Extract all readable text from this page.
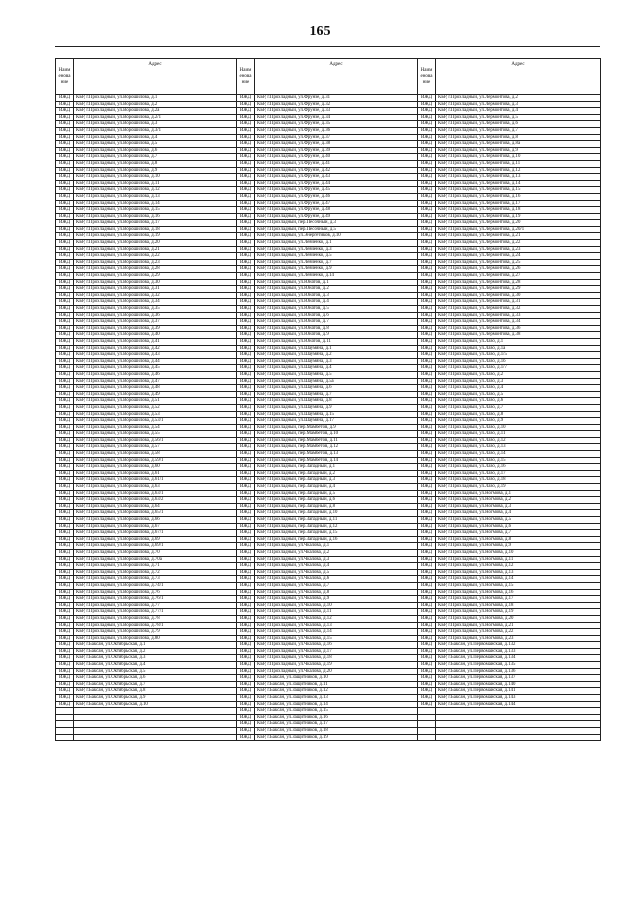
165
Наим енова ние	Адрес	Наим енова ние	Адрес	Наим енова ние	Адрес
ИЖД	КБР, г.Прохладный, ул.Ворошилова, д.1	ИЖД	КБР, г.Прохладный, ул.Фрунзе, д.31	ИЖД	КБР, г.Прохладный, ул.Лермонтова, д.2
ИЖД	КБР, г.Прохладный, ул.Ворошилова, д.2	ИЖД	КБР, г.Прохладный, ул.Фрунзе, д.32	ИЖД	КБР, г.Прохладный, ул.Лермонтова, д.3
ИЖД	КБР, г.Прохладный, ул.Ворошилова, д.2а	ИЖД	КБР, г.Прохладный, ул.Фрунзе, д.33	ИЖД	КБР, г.Прохладный, ул.Лермонтова, д.4
ИЖД	КБР, г.Прохладный, ул.Ворошилова, д.2/1	ИЖД	КБР, г.Прохладный, ул.Фрунзе, д.34	ИЖД	КБР, г.Прохладный, ул.Лермонтова, д.5
ИЖД	КБР, г.Прохладный, ул.Ворошилова, д.3	ИЖД	КБР, г.Прохладный, ул.Фрунзе, д.35	ИЖД	КБР, г.Прохладный, ул.Лермонтова, д.6
ИЖД	КБР, г.Прохладный, ул.Ворошилова, д.3/1	ИЖД	КБР, г.Прохладный, ул.Фрунзе, д.36	ИЖД	КБР, г.Прохладный, ул.Лермонтова, д.7
ИЖД	КБР, г.Прохладный, ул.Ворошилова, д.4	ИЖД	КБР, г.Прохладный, ул.Фрунзе, д.37	ИЖД	КБР, г.Прохладный, ул.Лермонтова, д.8
ИЖД	КБР, г.Прохладный, ул.Ворошилова, д.5	ИЖД	КБР, г.Прохладный, ул.Фрунзе, д.38	ИЖД	КБР, г.Прохладный, ул.Лермонтова, д.8а
ИЖД	КБР, г.Прохладный, ул.Ворошилова, д.6	ИЖД	КБР, г.Прохладный, ул.Фрунзе, д.39	ИЖД	КБР, г.Прохладный, ул.Лермонтова, д.9
ИЖД	КБР, г.Прохладный, ул.Ворошилова, д.7	ИЖД	КБР, г.Прохладный, ул.Фрунзе, д.40	ИЖД	КБР, г.Прохладный, ул.Лермонтова, д.10
ИЖД	КБР, г.Прохладный, ул.Ворошилова, д.8	ИЖД	КБР, г.Прохладный, ул.Фрунзе, д.41	ИЖД	КБР, г.Прохладный, ул.Лермонтова, д.11
ИЖД	КБР, г.Прохладный, ул.Ворошилова, д.9	ИЖД	КБР, г.Прохладный, ул.Фрунзе, д.42	ИЖД	КБР, г.Прохладный, ул.Лермонтова, д.12
ИЖД	КБР, г.Прохладный, ул.Ворошилова, д.10	ИЖД	КБР, г.Прохладный, ул.Фрунзе, д.43	ИЖД	КБР, г.Прохладный, ул.Лермонтова, д.13
ИЖД	КБР, г.Прохладный, ул.Ворошилова, д.11	ИЖД	КБР, г.Прохладный, ул.Фрунзе, д.44	ИЖД	КБР, г.Прохладный, ул.Лермонтова, д.14
ИЖД	КБР, г.Прохладный, ул.Ворошилова, д.12	ИЖД	КБР, г.Прохладный, ул.Фрунзе, д.45	ИЖД	КБР, г.Прохладный, ул.Лермонтова, д.15
ИЖД	КБР, г.Прохладный, ул.Ворошилова, д.13	ИЖД	КБР, г.Прохладный, ул.Фрунзе, д.46	ИЖД	КБР, г.Прохладный, ул.Лермонтова, д.16
ИЖД	КБР, г.Прохладный, ул.Ворошилова, д.14	ИЖД	КБР, г.Прохладный, ул.Фрунзе, д.47	ИЖД	КБР, г.Прохладный, ул.Лермонтова, д.17
ИЖД	КБР, г.Прохладный, ул.Ворошилова, д.15	ИЖД	КБР, г.Прохладный, ул.Фрунзе, д.48	ИЖД	КБР, г.Прохладный, ул.Лермонтова, д.18
ИЖД	КБР, г.Прохладный, ул.Ворошилова, д.16	ИЖД	КБР, г.Прохладный, ул.Фрунзе, д.49	ИЖД	КБР, г.Прохладный, ул.Лермонтова, д.19
ИЖД	КБР, г.Прохладный, ул.Ворошилова, д.17	ИЖД	КБР, г.Прохладный, пер.Песочный, д.3	ИЖД	КБР, г.Прохладный, ул.Лермонтова, д.20
ИЖД	КБР, г.Прохладный, ул.Ворошилова, д.18	ИЖД	КБР, г.Прохладный, пер.Песочный, д.5	ИЖД	КБР, г.Прохладный, ул.Лермонтова, д.20/1
ИЖД	КБР, г.Прохладный, ул.Ворошилова, д.19	ИЖД	КБР, г.Прохладный, ул.Энергетиков, д.10	ИЖД	КБР, г.Прохладный, ул.Лермонтова, д.21
ИЖД	КБР, г.Прохладный, ул.Ворошилова, д.20	ИЖД	КБР, г.Прохладный, ул.Левченко, д.1	ИЖД	КБР, г.Прохладный, ул.Лермонтова, д.22
ИЖД	КБР, г.Прохладный, ул.Ворошилова, д.21	ИЖД	КБР, г.Прохладный, ул.Левченко, д.3	ИЖД	КБР, г.Прохладный, ул.Лермонтова, д.23
ИЖД	КБР, г.Прохладный, ул.Ворошилова, д.22	ИЖД	КБР, г.Прохладный, ул.Левченко, д.5	ИЖД	КБР, г.Прохладный, ул.Лермонтова, д.24
ИЖД	КБР, г.Прохладный, ул.Ворошилова, д.23	ИЖД	КБР, г.Прохладный, ул.Левченко, д.7	ИЖД	КБР, г.Прохладный, ул.Лермонтова, д.25
ИЖД	КБР, г.Прохладный, ул.Ворошилова, д.28	ИЖД	КБР, г.Прохладный, ул.Левченко, д.9	ИЖД	КБР, г.Прохладный, ул.Лермонтова, д.26
ИЖД	КБР, г.Прохладный, ул.Ворошилова, д.29	ИЖД	КБР, г.Прохладный, ул.Левченко, д.14	ИЖД	КБР, г.Прохладный, ул.Лермонтова, д.27
ИЖД	КБР, г.Прохладный, ул.Ворошилова, д.30	ИЖД	КБР, г.Прохладный, ул.Юнатов, д.1	ИЖД	КБР, г.Прохладный, ул.Лермонтова, д.28
ИЖД	КБР, г.Прохладный, ул.Ворошилова, д.31	ИЖД	КБР, г.Прохладный, ул.Юнатов, д.2	ИЖД	КБР, г.Прохладный, ул.Лермонтова, д.29
ИЖД	КБР, г.Прохладный, ул.Ворошилова, д.32	ИЖД	КБР, г.Прохладный, ул.Юнатов, д.3	ИЖД	КБР, г.Прохладный, ул.Лермонтова, д.30
ИЖД	КБР, г.Прохладный, ул.Ворошилова, д.34	ИЖД	КБР, г.Прохладный, ул.Юнатов, д.4	ИЖД	КБР, г.Прохладный, ул.Лермонтова, д.31
ИЖД	КБР, г.Прохладный, ул.Ворошилова, д.35	ИЖД	КБР, г.Прохладный, ул.Юнатов, д.5	ИЖД	КБР, г.Прохладный, ул.Лермонтова, д.32
ИЖД	КБР, г.Прохладный, ул.Ворошилова, д.36	ИЖД	КБР, г.Прохладный, ул.Юнатов, д.6	ИЖД	КБР, г.Прохладный, ул.Лермонтова, д.33
ИЖД	КБР, г.Прохладный, ул.Ворошилова, д.37	ИЖД	КБР, г.Прохладный, ул.Юнатов, д.7	ИЖД	КБР, г.Прохладный, ул.Лермонтова, д.34
ИЖД	КБР, г.Прохладный, ул.Ворошилова, д.39	ИЖД	КБР, г.Прохладный, ул.Юнатов, д.8	ИЖД	КБР, г.Прохладный, ул.Лермонтова, д.36
ИЖД	КБР, г.Прохладный, ул.Ворошилова, д.40	ИЖД	КБР, г.Прохладный, ул.Юнатов, д.9	ИЖД	КБР, г.Прохладный, ул.Лермонтова, д.38
ИЖД	КБР, г.Прохладный, ул.Ворошилова, д.41	ИЖД	КБР, г.Прохладный, ул.Юнатов, д.11	ИЖД	КБР, г.Прохладный, ул.Лазо, д.1
ИЖД	КБР, г.Прохладный, ул.Ворошилова, д.42	ИЖД	КБР, г.Прохладный, ул.Шаумяна, д.1	ИЖД	КБР, г.Прохладный, ул.Лазо, д.1а
ИЖД	КБР, г.Прохладный, ул.Ворошилова, д.43	ИЖД	КБР, г.Прохладный, ул.Шаумяна, д.2	ИЖД	КБР, г.Прохладный, ул.Лазо, д.1/5
ИЖД	КБР, г.Прохладный, ул.Ворошилова, д.44	ИЖД	КБР, г.Прохладный, ул.Шаумяна, д.3	ИЖД	КБР, г.Прохладный, ул.Лазо, д.1б
ИЖД	КБР, г.Прохладный, ул.Ворошилова, д.45	ИЖД	КБР, г.Прохладный, ул.Шаумяна, д.4	ИЖД	КБР, г.Прохладный, ул.Лазо, д.1/7
ИЖД	КБР, г.Прохладный, ул.Ворошилова, д.46	ИЖД	КБР, г.Прохладный, ул.Шаумяна, д.5	ИЖД	КБР, г.Прохладный, ул.Лазо, д.2
ИЖД	КБР, г.Прохладный, ул.Ворошилова, д.47	ИЖД	КБР, г.Прохладный, ул.Шаумяна, д.5а	ИЖД	КБР, г.Прохладный, ул.Лазо, д.3
ИЖД	КБР, г.Прохладный, ул.Ворошилова, д.48	ИЖД	КБР, г.Прохладный, ул.Шаумяна, д.6	ИЖД	КБР, г.Прохладный, ул.Лазо, д.4
ИЖД	КБР, г.Прохладный, ул.Ворошилова, д.49	ИЖД	КБР, г.Прохладный, ул.Шаумяна, д.7	ИЖД	КБР, г.Прохладный, ул.Лазо, д.5
ИЖД	КБР, г.Прохладный, ул.Ворошилова, д.51	ИЖД	КБР, г.Прохладный, ул.Шаумяна, д.8	ИЖД	КБР, г.Прохладный, ул.Лазо, д.6
ИЖД	КБР, г.Прохладный, ул.Ворошилова, д.52	ИЖД	КБР, г.Прохладный, ул.Шаумяна, д.9	ИЖД	КБР, г.Прохладный, ул.Лазо, д.7
ИЖД	КБР, г.Прохладный, ул.Ворошилова, д.53	ИЖД	КБР, г.Прохладный, ул.Шаумяна, д.15	ИЖД	КБР, г.Прохладный, ул.Лазо, д.8
ИЖД	КБР, г.Прохладный, ул.Ворошилова, д.53/1	ИЖД	КБР, г.Прохладный, ул.Шаумяна, д.17	ИЖД	КБР, г.Прохладный, ул.Лазо, д.9
ИЖД	КБР, г.Прохладный, ул.Ворошилова, д.54	ИЖД	КБР, г.Прохладный, пер.Мамбетов, д.9	ИЖД	КБР, г.Прохладный, ул.Лазо, д.10
ИЖД	КБР, г.Прохладный, ул.Ворошилова, д.55	ИЖД	КБР, г.Прохладный, пер.Мамбетов, д.10	ИЖД	КБР, г.Прохладный, ул.Лазо, д.11
ИЖД	КБР, г.Прохладный, ул.Ворошилова, д.56/1	ИЖД	КБР, г.Прохладный, пер.Мамбетов, д.11	ИЖД	КБР, г.Прохладный, ул.Лазо, д.12
ИЖД	КБР, г.Прохладный, ул.Ворошилова, д.57	ИЖД	КБР, г.Прохладный, пер.Мамбетов, д.12	ИЖД	КБР, г.Прохладный, ул.Лазо, д.13
ИЖД	КБР, г.Прохладный, ул.Ворошилова, д.58	ИЖД	КБР, г.Прохладный, пер.Мамбетов, д.13	ИЖД	КБР, г.Прохладный, ул.Лазо, д.14
ИЖД	КБР, г.Прохладный, ул.Ворошилова, д.59/1	ИЖД	КБР, г.Прохладный, пер.Мамбетов, д.14	ИЖД	КБР, г.Прохладный, ул.Лазо, д.15
ИЖД	КБР, г.Прохладный, ул.Ворошилова, д.60	ИЖД	КБР, г.Прохладный, пер.Западный, д.1	ИЖД	КБР, г.Прохладный, ул.Лазо, д.16
ИЖД	КБР, г.Прохладный, ул.Ворошилова, д.61	ИЖД	КБР, г.Прохладный, пер.Западный, д.2	ИЖД	КБР, г.Прохладный, ул.Лазо, д.17
ИЖД	КБР, г.Прохладный, ул.Ворошилова, д.61/1	ИЖД	КБР, г.Прохладный, пер.Западный, д.3	ИЖД	КБР, г.Прохладный, ул.Лазо, д.18
ИЖД	КБР, г.Прохладный, ул.Ворошилова, д.63	ИЖД	КБР, г.Прохладный, пер.Западный, д.4	ИЖД	КБР, г.Прохладный, ул.Лазо, д.19
ИЖД	КБР, г.Прохладный, ул.Ворошилова, д.63/1	ИЖД	КБР, г.Прохладный, пер.Западный, д.5	ИЖД	КБР, г.Прохладный, ул.Ногмова, д.1
ИЖД	КБР, г.Прохладный, ул.Ворошилова, д.63/2	ИЖД	КБР, г.Прохладный, пер.Западный, д.6	ИЖД	КБР, г.Прохладный, ул.Ногмова, д.2
ИЖД	КБР, г.Прохладный, ул.Ворошилова, д.64	ИЖД	КБР, г.Прохладный, пер.Западный, д.8	ИЖД	КБР, г.Прохладный, ул.Ногмова, д.3
ИЖД	КБР, г.Прохладный, ул.Ворошилова, д.65/1	ИЖД	КБР, г.Прохладный, пер.Западный, д.10	ИЖД	КБР, г.Прохладный, ул.Ногмова, д.4
ИЖД	КБР, г.Прохладный, ул.Ворошилова, д.66	ИЖД	КБР, г.Прохладный, пер.Западный, д.11	ИЖД	КБР, г.Прохладный, ул.Ногмова, д.5
ИЖД	КБР, г.Прохладный, ул.Ворошилова, д.67	ИЖД	КБР, г.Прохладный, пер.Западный, д.12	ИЖД	КБР, г.Прохладный, ул.Ногмова, д.6
ИЖД	КБР, г.Прохладный, ул.Ворошилова, д.67/1	ИЖД	КБР, г.Прохладный, пер.Западный, д.15	ИЖД	КБР, г.Прохладный, ул.Ногмова, д.7
ИЖД	КБР, г.Прохладный, ул.Ворошилова, д.69	ИЖД	КБР, г.Прохладный, пер.Западный, д.16	ИЖД	КБР, г.Прохладный, ул.Ногмова, д.8
ИЖД	КБР, г.Прохладный, ул.Ворошилова, д.69/1	ИЖД	КБР, г.Прохладный, ул.Чкалова, д.1	ИЖД	КБР, г.Прохладный, ул.Ногмова, д.9
ИЖД	КБР, г.Прохладный, ул.Ворошилова, д.70	ИЖД	КБР, г.Прохладный, ул.Чкалова, д.2	ИЖД	КБР, г.Прохладный, ул.Ногмова, д.10
ИЖД	КБР, г.Прохладный, ул.Ворошилова, д.70а	ИЖД	КБР, г.Прохладный, ул.Чкалова, д.3	ИЖД	КБР, г.Прохладный, ул.Ногмова, д.11
ИЖД	КБР, г.Прохладный, ул.Ворошилова, д.71	ИЖД	КБР, г.Прохладный, ул.Чкалова, д.4	ИЖД	КБР, г.Прохладный, ул.Ногмова, д.12
ИЖД	КБР, г.Прохладный, ул.Ворошилова, д.72	ИЖД	КБР, г.Прохладный, ул.Чкалова, д.5	ИЖД	КБР, г.Прохладный, ул.Ногмова, д.13
ИЖД	КБР, г.Прохладный, ул.Ворошилова, д.73	ИЖД	КБР, г.Прохладный, ул.Чкалова, д.6	ИЖД	КБР, г.Прохладный, ул.Ногмова, д.14
ИЖД	КБР, г.Прохладный, ул.Ворошилова, д.74/1	ИЖД	КБР, г.Прохладный, ул.Чкалова, д.7	ИЖД	КБР, г.Прохладный, ул.Ногмова, д.15
ИЖД	КБР, г.Прохладный, ул.Ворошилова, д.76	ИЖД	КБР, г.Прохладный, ул.Чкалова, д.8	ИЖД	КБР, г.Прохладный, ул.Ногмова, д.16
ИЖД	КБР, г.Прохладный, ул.Ворошилова, д.76/1	ИЖД	КБР, г.Прохладный, ул.Чкалова, д.9	ИЖД	КБР, г.Прохладный, ул.Ногмова, д.17
ИЖД	КБР, г.Прохладный, ул.Ворошилова, д.77	ИЖД	КБР, г.Прохладный, ул.Чкалова, д.10	ИЖД	КБР, г.Прохладный, ул.Ногмова, д.18
ИЖД	КБР, г.Прохладный, ул.Ворошилова, д.77/1	ИЖД	КБР, г.Прохладный, ул.Чкалова, д.11	ИЖД	КБР, г.Прохладный, ул.Ногмова, д.19
ИЖД	КБР, г.Прохладный, ул.Ворошилова, д.78	ИЖД	КБР, г.Прохладный, ул.Чкалова, д.12	ИЖД	КБР, г.Прохладный, ул.Ногмова, д.20
ИЖД	КБР, г.Прохладный, ул.Ворошилова, д.78/1	ИЖД	КБР, г.Прохладный, ул.Чкалова, д.13	ИЖД	КБР, г.Прохладный, ул.Ногмова, д.21
ИЖД	КБР, г.Прохладный, ул.Ворошилова, д.79	ИЖД	КБР, г.Прохладный, ул.Чкалова, д.14	ИЖД	КБР, г.Прохладный, ул.Ногмова, д.22
ИЖД	КБР, г.Прохладный, ул.Ворошилова, д.80	ИЖД	КБР, г.Прохладный, ул.Чкалова, д.15	ИЖД	КБР, г.Прохладный, ул.Ногмова, д.23
ИЖД	КБР, г.Баксан, ул.Октябрьская, д.1	ИЖД	КБР, г.Прохладный, ул.Чкалова, д.16	ИЖД	КБР, г.Баксан, ул.Первомайская, д.132
ИЖД	КБР, г.Баксан, ул.Октябрьская, д.2	ИЖД	КБР, г.Прохладный, ул.Чкалова, д.17	ИЖД	КБР, г.Баксан, ул.Первомайская, д.133
ИЖД	КБР, г.Баксан, ул.Октябрьская, д.3	ИЖД	КБР, г.Прохладный, ул.Чкалова, д.18	ИЖД	КБР, г.Баксан, ул.Первомайская, д.134
ИЖД	КБР, г.Баксан, ул.Октябрьская, д.4	ИЖД	КБР, г.Прохладный, ул.Чкалова, д.19	ИЖД	КБР, г.Баксан, ул.Первомайская, д.135
ИЖД	КБР, г.Баксан, ул.Октябрьская, д.5	ИЖД	КБР, г.Прохладный, ул.Чкалова, д.20	ИЖД	КБР, г.Баксан, ул.Первомайская, д.136
ИЖД	КБР, г.Баксан, ул.Октябрьская, д.6	ИЖД	КБР, г.Баксан, ул.Защитников, д.10	ИЖД	КБР, г.Баксан, ул.Первомайская, д.137
ИЖД	КБР, г.Баксан, ул.Октябрьская, д.7	ИЖД	КБР, г.Баксан, ул.Защитников, д.11	ИЖД	КБР, г.Баксан, ул.Первомайская, д.140
ИЖД	КБР, г.Баксан, ул.Октябрьская, д.8	ИЖД	КБР, г.Баксан, ул.Защитников, д.12	ИЖД	КБР, г.Баксан, ул.Первомайская, д.141
ИЖД	КБР, г.Баксан, ул.Октябрьская, д.9	ИЖД	КБР, г.Баксан, ул.Защитников, д.13	ИЖД	КБР, г.Баксан, ул.Первомайская, д.143
ИЖД	КБР, г.Баксан, ул.Октябрьская, д.10	ИЖД	КБР, г.Баксан, ул.Защитников, д.14	ИЖД	КБР, г.Баксан, ул.Первомайская, д.144
		ИЖД	КБР, г.Баксан, ул.Защитников, д.15		
		ИЖД	КБР, г.Баксан, ул.Защитников, д.16		
		ИЖД	КБР, г.Баксан, ул.Защитников, д.17		
		ИЖД	КБР, г.Баксан, ул.Защитников, д.18		
		ИЖД	КБР, г.Баксан, ул.Защитников, д.19		
